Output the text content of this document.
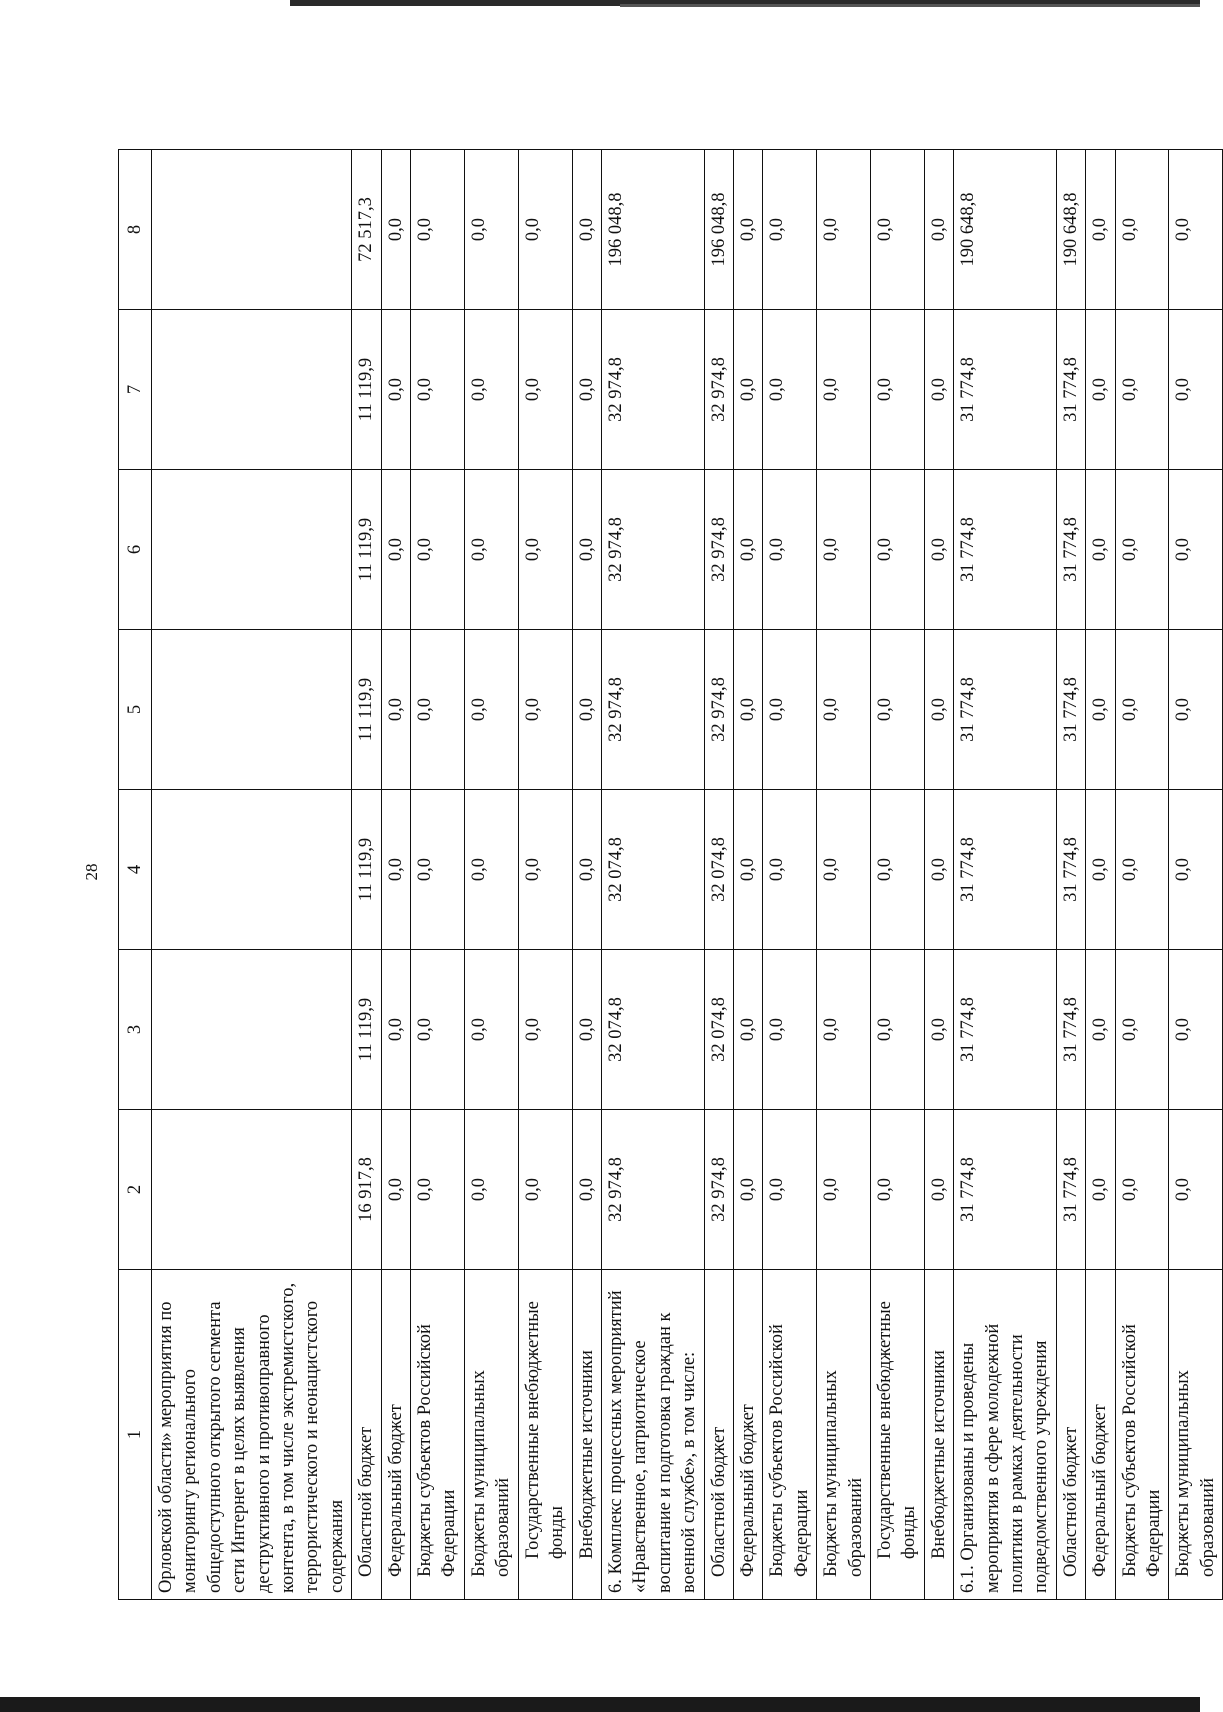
28
1	2	3	4	5	6	7	8
Орловской области» мероприятия по мониторингу регионального общедоступного открытого сегмента сети Интернет в целях выявления деструктивного и противоправного контента, в том числе экстремистского, террористического и неонацистского содержания							
Областной бюджет	16 917,8	11 119,9	11 119,9	11 119,9	11 119,9	11 119,9	72 517,3
Федеральный бюджет	0,0	0,0	0,0	0,0	0,0	0,0	0,0
Бюджеты субъектов Российской Федерации	0,0	0,0	0,0	0,0	0,0	0,0	0,0
Бюджеты муниципальных образований	0,0	0,0	0,0	0,0	0,0	0,0	0,0
Государственные внебюджетные фонды	0,0	0,0	0,0	0,0	0,0	0,0	0,0
Внебюджетные источники	0,0	0,0	0,0	0,0	0,0	0,0	0,0
6. Комплекс процессных мероприятий «Нравственное, патриотическое воспитание и подготовка граждан к военной службе», в том числе:	32 974,8	32 074,8	32 074,8	32 974,8	32 974,8	32 974,8	196 048,8
Областной бюджет	32 974,8	32 074,8	32 074,8	32 974,8	32 974,8	32 974,8	196 048,8
Федеральный бюджет	0,0	0,0	0,0	0,0	0,0	0,0	0,0
Бюджеты субъектов Российской Федерации	0,0	0,0	0,0	0,0	0,0	0,0	0,0
Бюджеты муниципальных образований	0,0	0,0	0,0	0,0	0,0	0,0	0,0
Государственные внебюджетные фонды	0,0	0,0	0,0	0,0	0,0	0,0	0,0
Внебюджетные источники	0,0	0,0	0,0	0,0	0,0	0,0	0,0
6.1. Организованы и проведены мероприятия в сфере молодежной политики в рамках деятельности подведомственного учреждения	31 774,8	31 774,8	31 774,8	31 774,8	31 774,8	31 774,8	190 648,8
Областной бюджет	31 774,8	31 774,8	31 774,8	31 774,8	31 774,8	31 774,8	190 648,8
Федеральный бюджет	0,0	0,0	0,0	0,0	0,0	0,0	0,0
Бюджеты субъектов Российской Федерации	0,0	0,0	0,0	0,0	0,0	0,0	0,0
Бюджеты муниципальных образований	0,0	0,0	0,0	0,0	0,0	0,0	0,0
